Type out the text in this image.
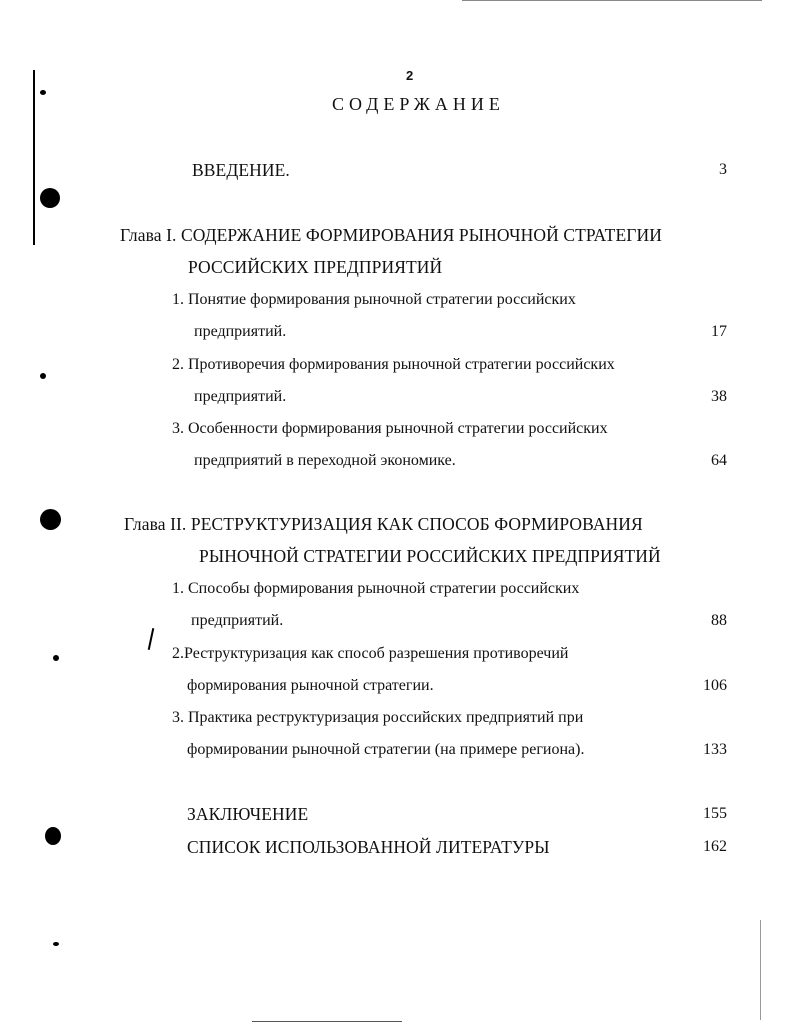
2
СОДЕРЖАНИЕ
ВВЕДЕНИЕ.	3
Глава I. СОДЕРЖАНИЕ ФОРМИРОВАНИЯ РЫНОЧНОЙ СТРАТЕГИИ
РОССИЙСКИХ ПРЕДПРИЯТИЙ
1. Понятие формирования рыночной стратегии российских
предприятий.	17
2. Противоречия формирования рыночной стратегии российских
предприятий.	38
3. Особенности формирования рыночной стратегии российских
предприятий в переходной экономике.	64
Глава II. РЕСТРУКТУРИЗАЦИЯ КАК СПОСОБ ФОРМИРОВАНИЯ
РЫНОЧНОЙ СТРАТЕГИИ РОССИЙСКИХ ПРЕДПРИЯТИЙ
1. Способы формирования рыночной стратегии российских
предприятий.	88
2.Реструктуризация как способ разрешения противоречий
формирования рыночной стратегии.	106
3. Практика реструктуризация российских предприятий при
формировании рыночной стратегии (на примере региона).	133
ЗАКЛЮЧЕНИЕ	155
СПИСОК ИСПОЛЬЗОВАННОЙ ЛИТЕРАТУРЫ	162
